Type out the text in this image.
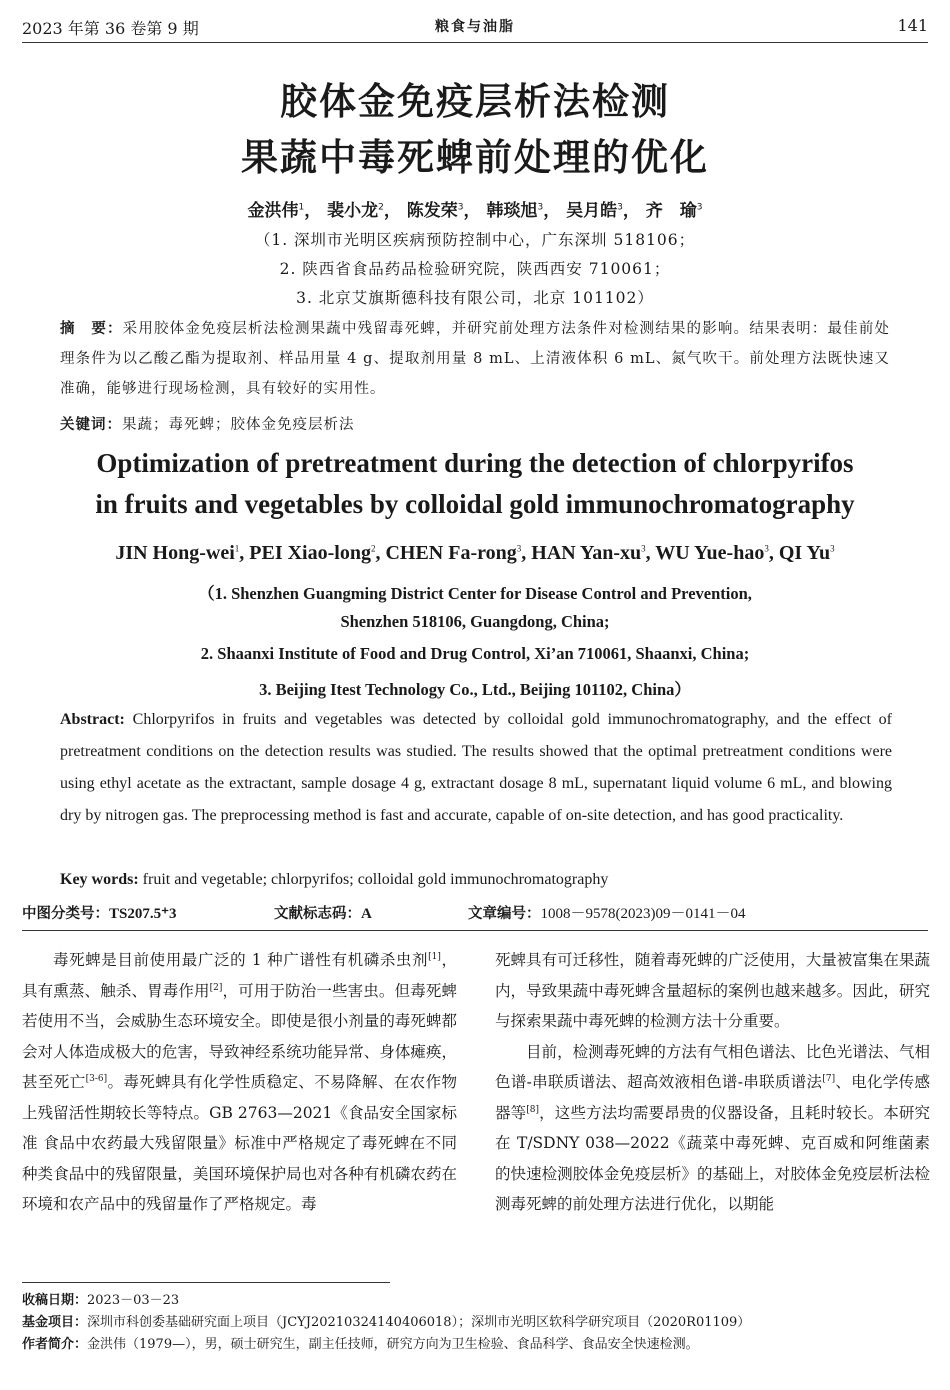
2023 年第 36 卷第 9 期	粮食与油脂	141
胶体金免疫层析法检测
果蔬中毒死蜱前处理的优化
金洪伟$^1$， 裴小龙$^2$， 陈发荣$^3$， 韩琰旭$^3$， 吴月皓$^3$， 齐　瑜$^3$
（1. 深圳市光明区疾病预防控制中心，广东深圳 518106；
2. 陕西省食品药品检验研究院，陕西西安 710061；
3. 北京艾旗斯德科技有限公司，北京 101102）
摘　要：采用胶体金免疫层析法检测果蔬中残留毒死蜱，并研究前处理方法条件对检测结果的影响。结果表明：最佳前处理条件为以乙酸乙酯为提取剂、样品用量 4 g、提取剂用量 8 mL、上清液体积 6 mL、氮气吹干。前处理方法既快速又准确，能够进行现场检测，具有较好的实用性。
关键词：果蔬；毒死蜱；胶体金免疫层析法
Optimization of pretreatment during the detection of chlorpyrifos
in fruits and vegetables by colloidal gold immunochromatography
JIN Hong-wei$^1$, PEI Xiao-long$^2$, CHEN Fa-rong$^3$, HAN Yan-$xu^3$, WU Yue-hao$^3$, QI Yu$^3$
（1. Shenzhen Guangming District Center for Disease Control and Prevention,
Shenzhen 518106, Guangdong, China;
2. Shaanxi Institute of Food and Drug Control, Xi’an 710061, Shaanxi, China;
3. Beijing Itest Technology Co., Ltd., Beijing 101102, China）
Abstract: Chlorpyrifos in fruits and vegetables was detected by colloidal gold immunochromatography, and the effect of pretreatment conditions on the detection results was studied. The results showed that the optimal pretreatment conditions were using ethyl acetate as the extractant, sample dosage 4 g, extractant dosage 8 mL, supernatant liquid volume 6 mL, and blowing dry by nitrogen gas. The preprocessing method is fast and accurate, capable of on-site detection, and has good practicality.
Key words: fruit and vegetable; chlorpyrifos; colloidal gold immunochromatography
中图分类号：TS207.5⁺3	文献标志码：A	文章编号：1008－9578(2023)09－0141－04

毒死蜱是目前使用最广泛的 1 种广谱性有机磷杀虫剂[1]，具有熏蒸、触杀、胃毒作用[2]，可用于防治一些害虫。但毒死蜱若使用不当，会威胁生态环境安全。即使是很小剂量的毒死蜱都会对人体造成极大的危害，导致神经系统功能异常、身体瘫痪，甚至死亡[3-6]。毒死蜱具有化学性质稳定、不易降解、在农作物上残留活性期较长等特点。GB 2763—2021《食品安全国家标准 食品中农药最大残留限量》标准中严格规定了毒死蜱在不同种类食品中的残留限量，美国环境保护局也对各种有机磷农药在环境和农产品中的残留量作了严格规定。毒

死蜱具有可迁移性，随着毒死蜱的广泛使用，大量被富集在果蔬内，导致果蔬中毒死蜱含量超标的案例也越来越多。因此，研究与探索果蔬中毒死蜱的检测方法十分重要。

目前，检测毒死蜱的方法有气相色谱法、比色光谱法、气相色谱-串联质谱法、超高效液相色谱-串联质谱法[7]、电化学传感器等[8]，这些方法均需要昂贵的仪器设备，且耗时较长。本研究在 T/SDNY 038—2022《蔬菜中毒死蜱、克百威和阿维菌素的快速检测胶体金免疫层析》的基础上，对胶体金免疫层析法检测毒死蜱的前处理方法进行优化，以期能

收稿日期：2023－03－23
基金项目：深圳市科创委基础研究面上项目（JCYJ20210324140406018）；深圳市光明区软科学研究项目（2020R01109）
作者简介：金洪伟（1979—），男，硕士研究生，副主任技师，研究方向为卫生检验、食品科学、食品安全快速检测。
